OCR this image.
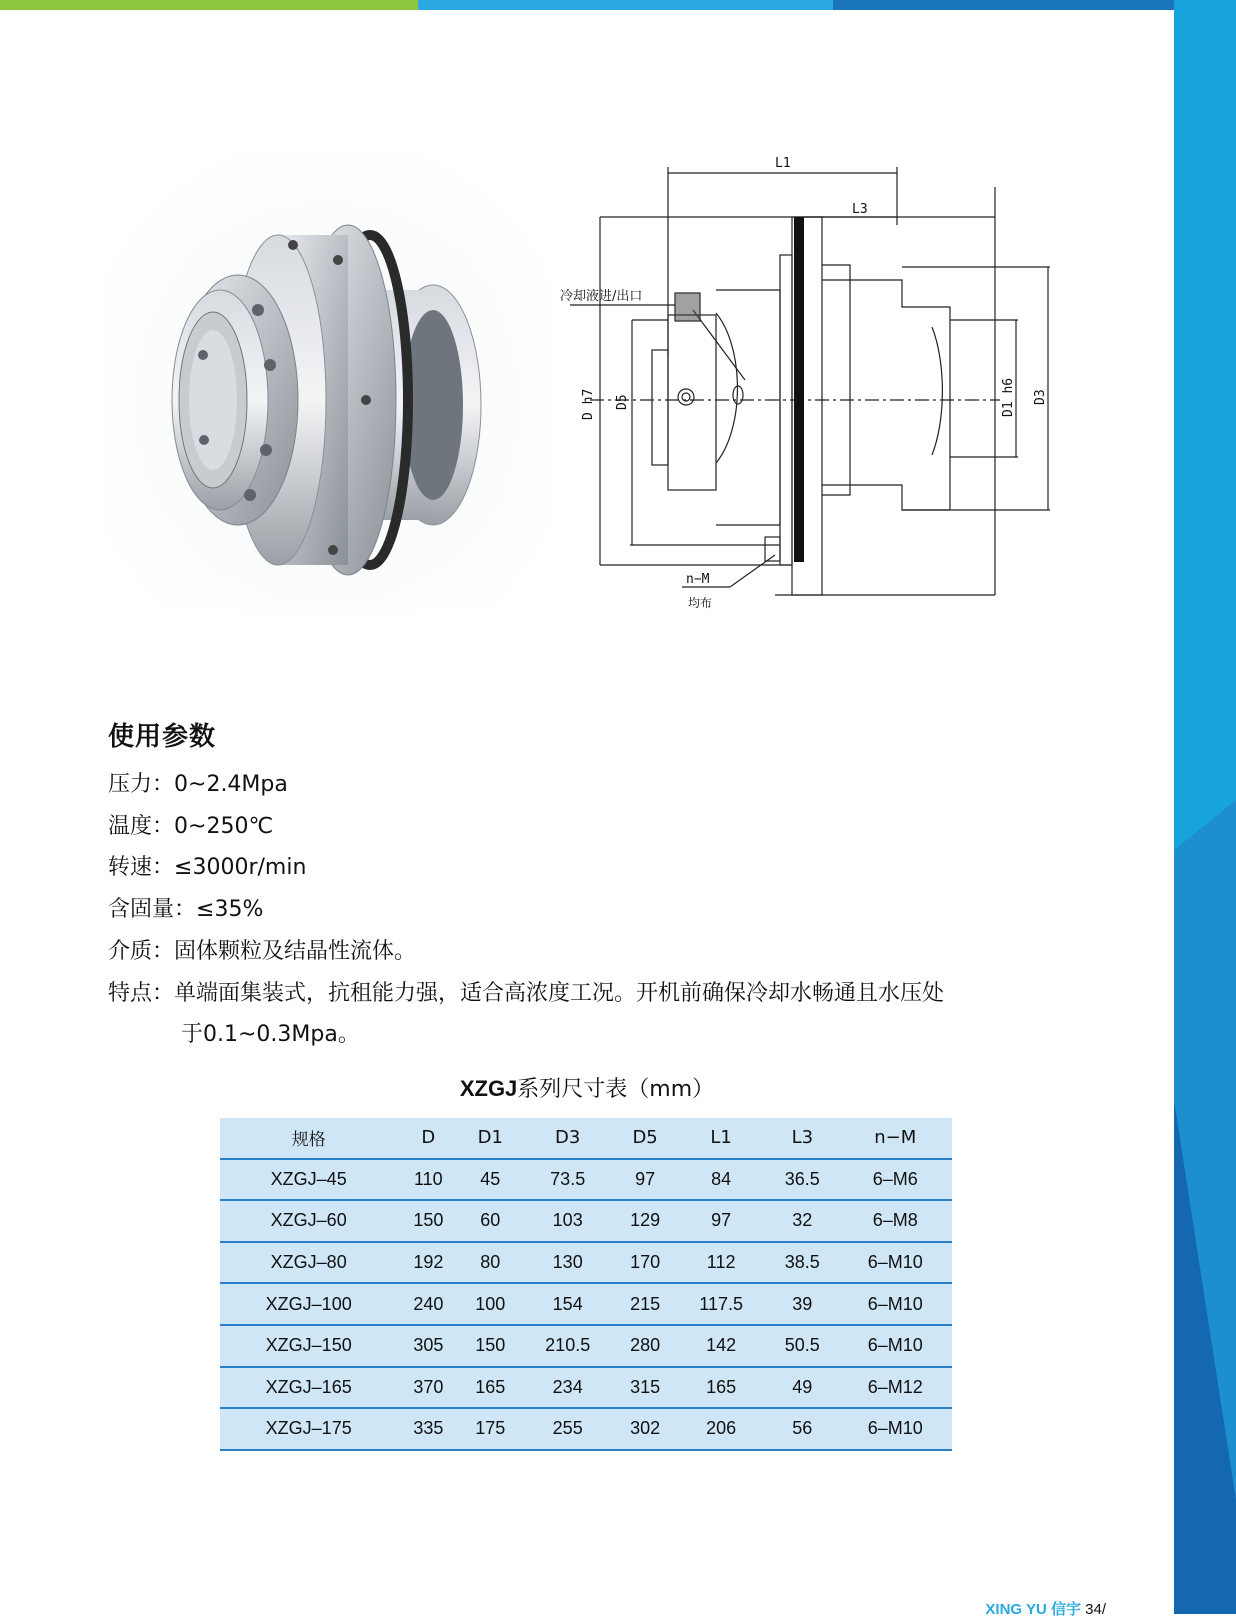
L1
L3
冷却液进/出口
D h7 D5	D1 h6 D3
n−M
均布
使用参数
压力： 0~2.4Mpa
温度： 0~250℃
转速： ≤3000r/min
含固量： ≤35%
介质： 固体颗粒及结晶性流体。
特点： 单端面集装式，抗租能力强，适合高浓度工况。开机前确保冷却水畅通且水压处
于0.1~0.3Mpa。
XZGJ系列尺寸表（mm）
规格	D	D1	D3	D5	L1	L3	n−M
XZGJ–45	110	45	73.5	97	84	36.5	6–M6
XZGJ–60	150	60	103	129	97	32	6–M8
XZGJ–80	192	80	130	170	112	38.5	6–M10
XZGJ–100	240	100	154	215	117.5	39	6–M10
XZGJ–150	305	150	210.5	280	142	50.5	6–M10
XZGJ–165	370	165	234	315	165	49	6–M12
XZGJ–175	335	175	255	302	206	56	6–M10
XING YU 信宇 34/
